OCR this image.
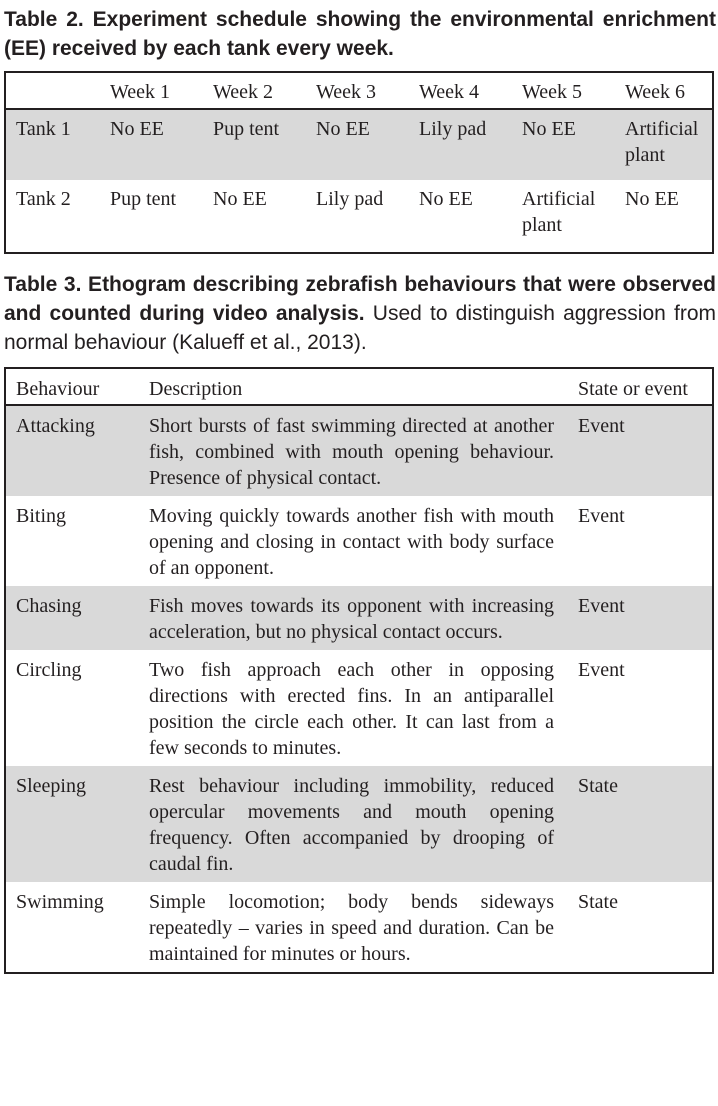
Table 2. Experiment schedule showing the environmental enrichment (EE) received by each tank every week.

	Week 1	Week 2	Week 3	Week 4	Week 5	Week 6
Tank 1	No EE	Pup tent	No EE	Lily pad	No EE	Artificial plant
Tank 2	Pup tent	No EE	Lily pad	No EE	Artificial plant	No EE

Table 3. Ethogram describing zebrafish behaviours that were observed and counted during video analysis. Used to distinguish aggression from normal behaviour (Kalueff et al., 2013).

Behaviour	Description	State or event
Attacking	Short bursts of fast swimming directed at another fish, combined with mouth opening behaviour. Presence of physical contact.	Event
Biting	Moving quickly towards another fish with mouth opening and closing in contact with body surface of an opponent.	Event
Chasing	Fish moves towards its opponent with increasing acceleration, but no physical contact occurs.	Event
Circling	Two fish approach each other in opposing directions with erected fins. In an antiparallel position the circle each other. It can last from a few seconds to minutes.	Event
Sleeping	Rest behaviour including immobility, reduced opercular movements and mouth opening frequency. Often accompanied by drooping of caudal fin.	State
Swimming	Simple locomotion; body bends sideways repeatedly – varies in speed and duration. Can be maintained for minutes or hours.	State
